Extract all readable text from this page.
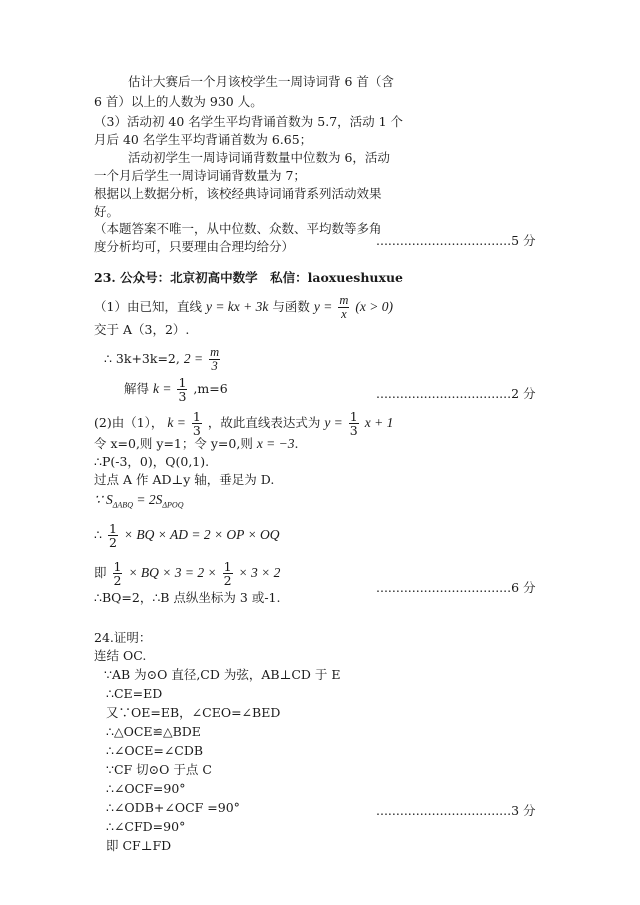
估计大赛后一个月该校学生一周诗词背 6 首（含
6 首）以上的人数为 930 人。
（3）活动初 40 名学生平均背诵首数为 5.7，活动 1 个
月后 40 名学生平均背诵首数为 6.65；
活动初学生一周诗词诵背数量中位数为 6，活动
一个月后学生一周诗词诵背数量为 7；
根据以上数据分析，该校经典诗词诵背系列活动效果
好。
（本题答案不唯一，从中位数、众数、平均数等多角
度分析均可，只要理由合理均给分）	..................................5 分
23. 公众号：北京初高中数学　私信：laoxueshuxue
（1）由已知，直线 y = kx + 3k 与函数 $y = \frac{m}{x} (x > 0)$
交于 A（3，2）.
∴ 3k+3k=2, $2 = \frac{m}{3}$
解得 $k = \frac{1}{3} ,m=6$	..................................2 分
(2)由（1）， $k = \frac{1}{3}$ ，故此直线表达式为 $y = \frac{1}{3}$ x + 1
令 x=0,则 y=1；令 y=0,则 x = −3.
∴P(-3，0)，Q(0,1).
过点 A 作 AD⊥y 轴，垂足为 D.
∵ $S_{\Delta ABQ} = 2S_{\Delta POQ}$
∴ $\frac{1}{2}$ × BQ × AD = 2 × OP × OQ
即 $\frac{1}{2}$ × BQ × $3 = 2 \times \frac{1}{2} \times 3 \times 2$
..................................6 分
∴BQ=2，∴B 点纵坐标为 3 或-1.
24.证明：
连结 OC.
∵AB 为⊙O 直径,CD 为弦，AB⊥CD 于 E
∴CE=ED
又∵OE=EB，∠CEO=∠BED
∴△OCE≌△BDE
∴∠OCE=∠CDB
∵CF 切⊙O 于点 C
∴∠OCF=90°
∴∠ODB+∠OCF =90°
∴∠CFD=90°
即 CF⊥FD
..................................3 分
